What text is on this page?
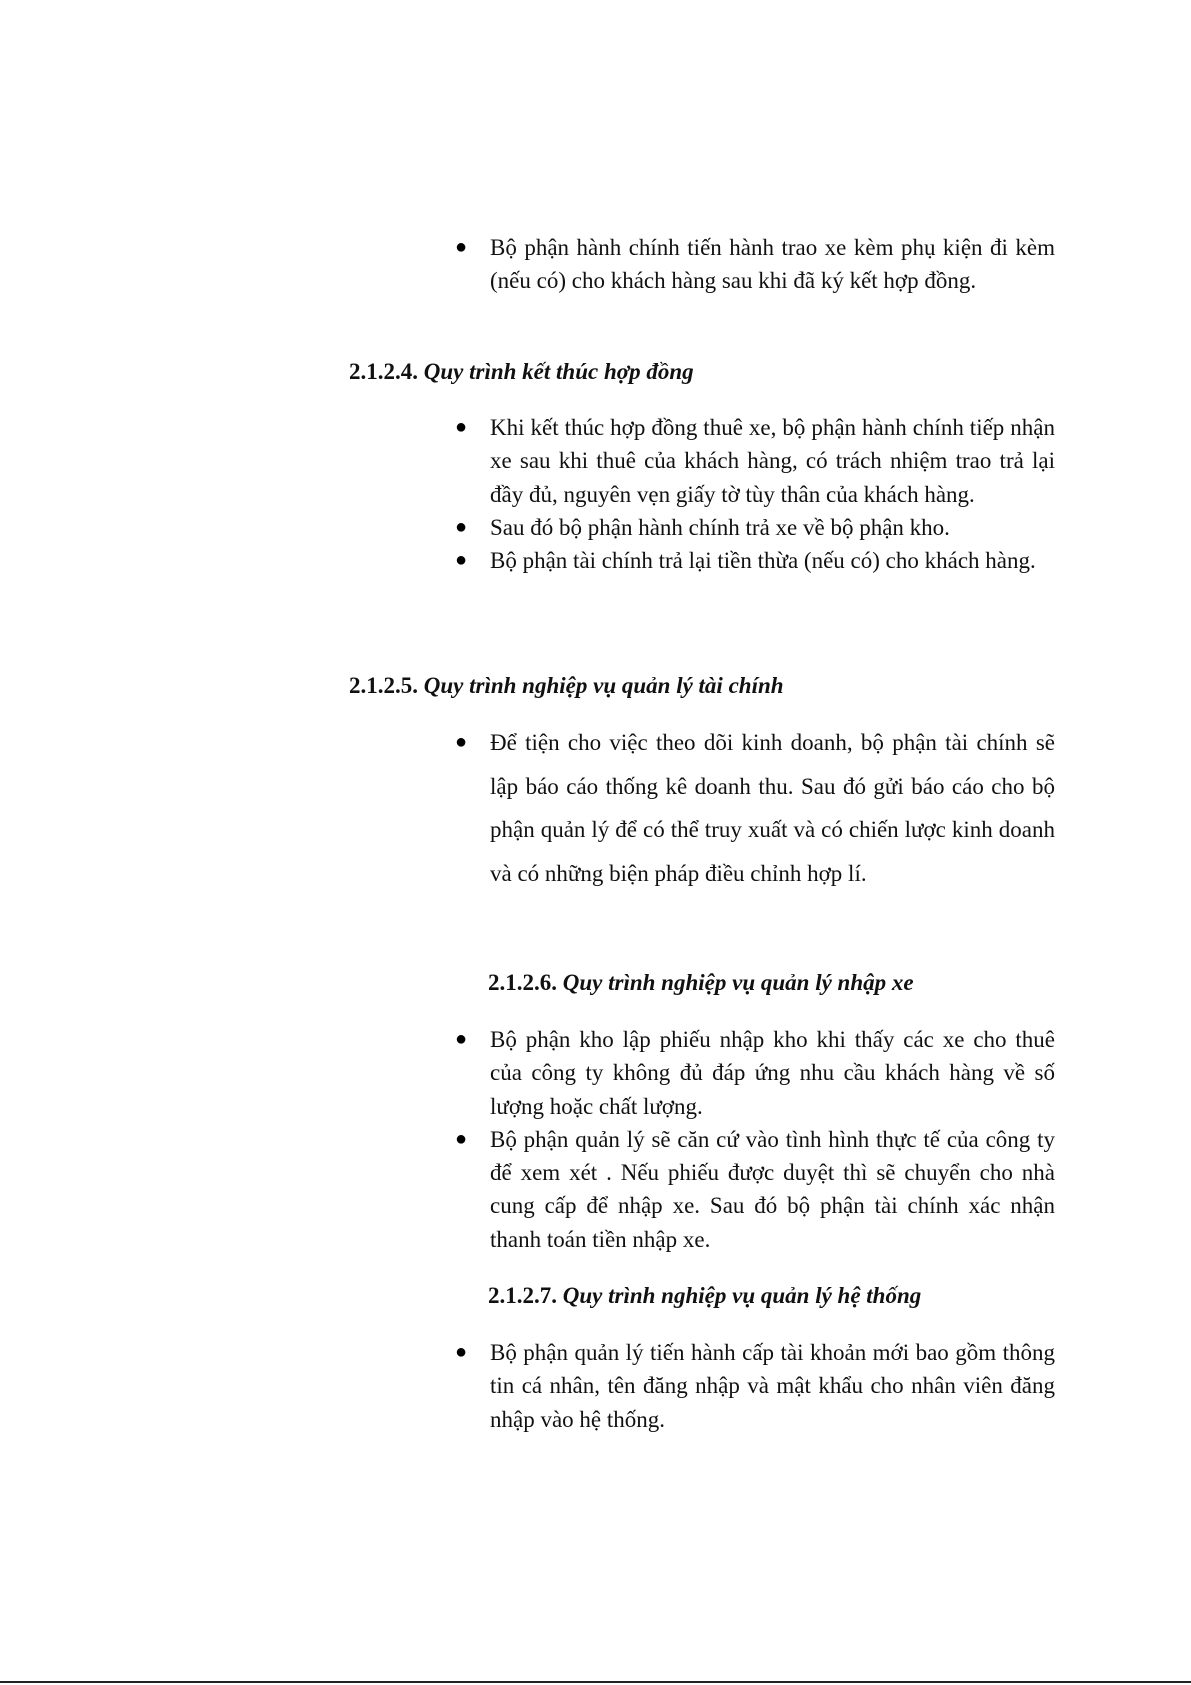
● Bộ phận hành chính tiến hành trao xe kèm phụ kiện đi kèm (nếu có) cho khách hàng sau khi đã ký kết hợp đồng.
2.1.2.4. Quy trình kết thúc hợp đồng
● Khi kết thúc hợp đồng thuê xe, bộ phận hành chính tiếp nhận xe sau khi thuê của khách hàng, có trách nhiệm trao trả lại đầy đủ, nguyên vẹn giấy tờ tùy thân của khách hàng.
● Sau đó bộ phận hành chính trả xe về bộ phận kho.
● Bộ phận tài chính trả lại tiền thừa (nếu có) cho khách hàng.
2.1.2.5. Quy trình nghiệp vụ quản lý tài chính
● Để tiện cho việc theo dõi kinh doanh, bộ phận tài chính sẽ lập báo cáo thống kê doanh thu. Sau đó gửi báo cáo cho bộ phận quản lý để có thể truy xuất và có chiến lược kinh doanh và có những biện pháp điều chỉnh hợp lí.
2.1.2.6. Quy trình nghiệp vụ quản lý nhập xe
● Bộ phận kho lập phiếu nhập kho khi thấy các xe cho thuê của công ty không đủ đáp ứng nhu cầu khách hàng về số lượng hoặc chất lượng.
● Bộ phận quản lý sẽ căn cứ vào tình hình thực tế của công ty để xem xét . Nếu phiếu được duyệt thì sẽ chuyển cho nhà cung cấp để nhập xe. Sau đó bộ phận tài chính xác nhận thanh toán tiền nhập xe.
2.1.2.7. Quy trình nghiệp vụ quản lý hệ thống
● Bộ phận quản lý tiến hành cấp tài khoản mới bao gồm thông tin cá nhân, tên đăng nhập và mật khẩu cho nhân viên đăng nhập vào hệ thống.
